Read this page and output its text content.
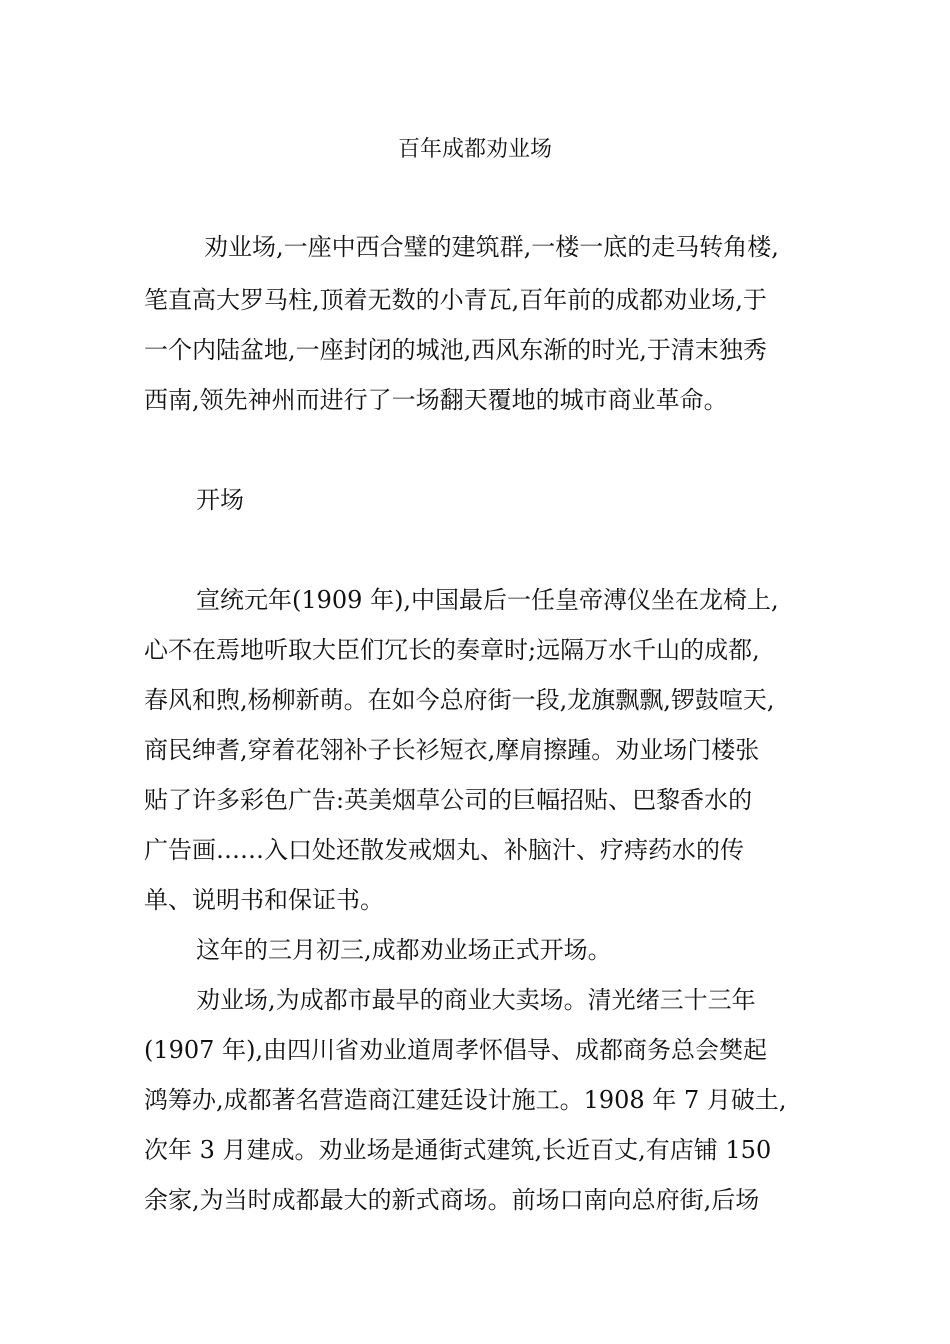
百年成都劝业场
劝业场,一座中西合璧的建筑群,一楼一底的走马转角楼,
笔直高大罗马柱,顶着无数的小青瓦,百年前的成都劝业场,于
一个内陆盆地,一座封闭的城池,西风东渐的时光,于清末独秀
西南,领先神州而进行了一场翻天覆地的城市商业革命。
开场
宣统元年(1909 年),中国最后一任皇帝溥仪坐在龙椅上,
心不在焉地听取大臣们冗长的奏章时;远隔万水千山的成都,
春风和煦,杨柳新萌。在如今总府街一段,龙旗飘飘,锣鼓喧天,
商民绅耆,穿着花翎补子长衫短衣,摩肩擦踵。劝业场门楼张
贴了许多彩色广告:英美烟草公司的巨幅招贴、巴黎香水的
广告画……入口处还散发戒烟丸、补脑汁、疗痔药水的传
单、说明书和保证书。
这年的三月初三,成都劝业场正式开场。
劝业场,为成都市最早的商业大卖场。清光绪三十三年
(1907 年),由四川省劝业道周孝怀倡导、成都商务总会樊起
鸿筹办,成都著名营造商江建廷设计施工。1908 年 7 月破土,
次年 3 月建成。劝业场是通街式建筑,长近百丈,有店铺 150
余家,为当时成都最大的新式商场。前场口南向总府街,后场
